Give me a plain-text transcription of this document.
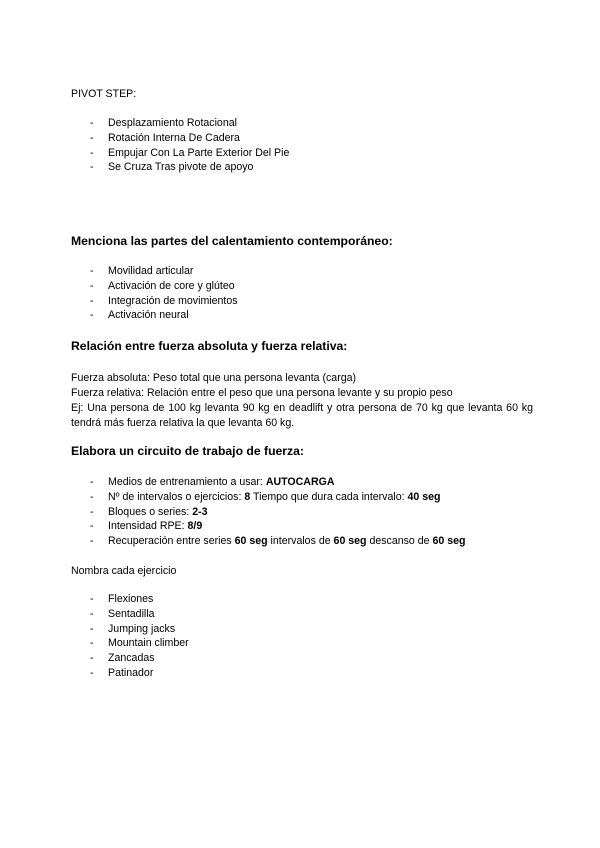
PIVOT STEP:
- Desplazamiento Rotacional
- Rotación Interna De Cadera
- Empujar Con La Parte Exterior Del Pie
- Se Cruza Tras pivote de apoyo
Menciona las partes del calentamiento contemporáneo:
- Movilidad articular
- Activación de core y glúteo
- Integración de movimientos
- Activación neural
Relación entre fuerza absoluta y fuerza relativa:

Fuerza absoluta: Peso total que una persona levanta (carga)

Fuerza relativa: Relación entre el peso que una persona levante y su propio peso

Ej: Una persona de 100 kg levanta 90 kg en deadlift y otra persona de 70 kg que levanta 60 kg tendrá más fuerza relativa la que levanta 60 kg.

Elabora un circuito de trabajo de fuerza:
- Medios de entrenamiento a usar: AUTOCARGA
- Nº de intervalos o ejercicios: 8 Tiempo que dura cada intervalo: 40 seg
- Bloques o series: 2-3
- Intensidad RPE: 8/9
- Recuperación entre series 60 seg intervalos de 60 seg descanso de 60 seg
Nombra cada ejercicio
- Flexiones
- Sentadilla
- Jumping jacks
- Mountain climber
- Zancadas
- Patinador
